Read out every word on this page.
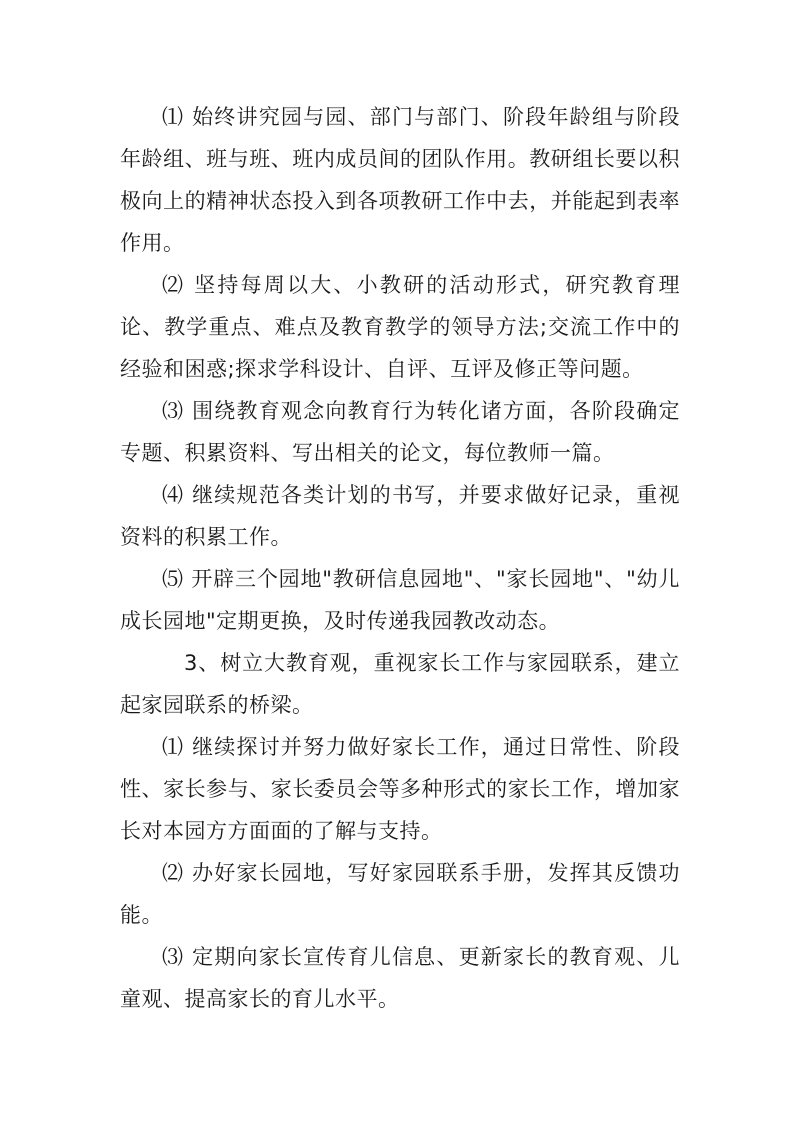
⑴ 始终讲究园与园、部门与部门、阶段年龄组与阶段年龄组、班与班、班内成员间的团队作用。教研组长要以积极向上的精神状态投入到各项教研工作中去，并能起到表率作用。

⑵ 坚持每周以大、小教研的活动形式，研究教育理论、教学重点、难点及教育教学的领导方法;交流工作中的经验和困惑;探求学科设计、自评、互评及修正等问题。

⑶ 围绕教育观念向教育行为转化诸方面，各阶段确定专题、积累资料、写出相关的论文，每位教师一篇。

⑷ 继续规范各类计划的书写，并要求做好记录，重视资料的积累工作。

⑸ 开辟三个园地"教研信息园地"、"家长园地"、"幼儿成长园地"定期更换，及时传递我园教改动态。

3、树立大教育观，重视家长工作与家园联系，建立起家园联系的桥梁。

⑴ 继续探讨并努力做好家长工作，通过日常性、阶段性、家长参与、家长委员会等多种形式的家长工作，增加家长对本园方方面面的了解与支持。

⑵ 办好家长园地，写好家园联系手册，发挥其反馈功能。

⑶ 定期向家长宣传育儿信息、更新家长的教育观、儿童观、提高家长的育儿水平。
